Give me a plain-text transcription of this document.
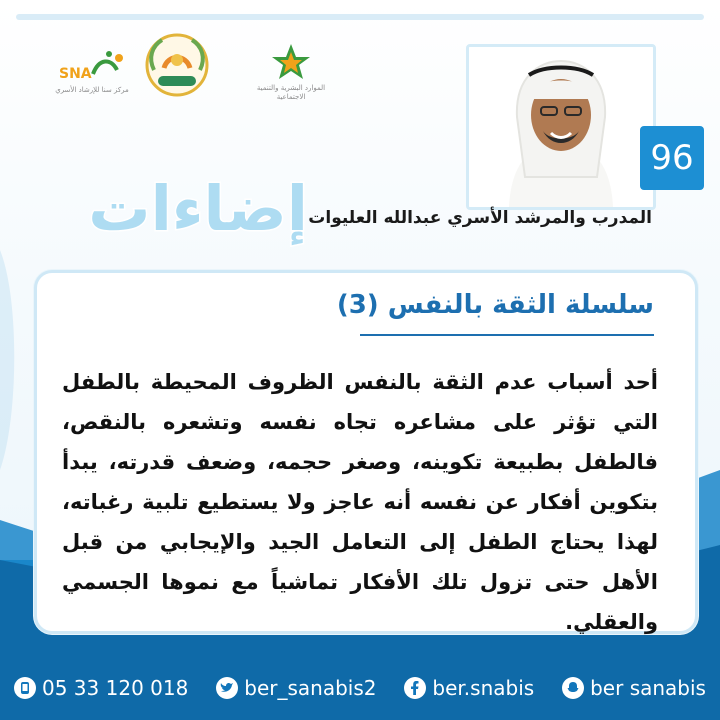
SNA
مركز سنا للإرشاد الأسري	الموارد البشرية والتنمية الاجتماعية
إضاءات
96
المدرب والمرشد الأسري عبدالله العليوات
سلسلة الثقة بالنفس (3)
أحد أسباب عدم الثقة بالنفس الظروف المحيطة بالطفل التي تؤثر على مشاعره تجاه نفسه وتشعره بالنقص، فالطفل بطبيعة تكوينه، وصغر حجمه، وضعف قدرته، يبدأ بتكوين أفكار عن نفسه أنه عاجز ولا يستطيع تلبية رغباته، لهذا يحتاج الطفل إلى التعامل الجيد والإيجابي من قبل الأهل حتى تزول تلك الأفكار تماشياً مع نموها الجسمي والعقلي.
05 33 120 018	ber_sanabis2	ber.snabis	ber sanabis
